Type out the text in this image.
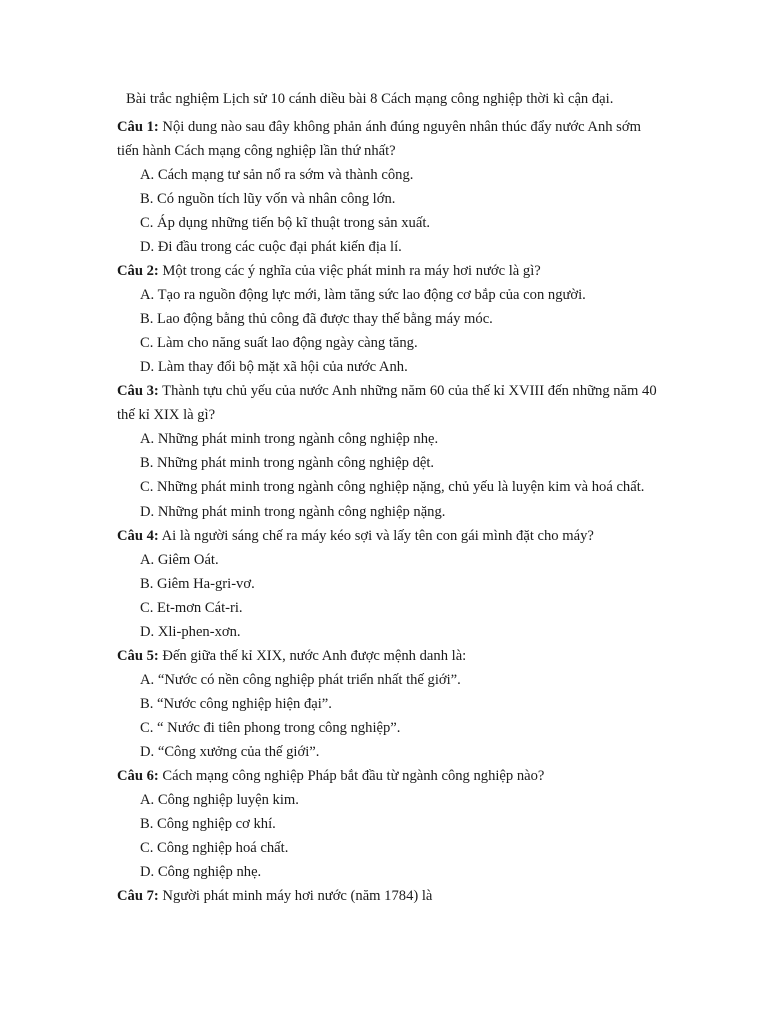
Bài trắc nghiệm Lịch sử 10 cánh diều bài 8 Cách mạng công nghiệp thời kì cận đại.
Câu 1: Nội dung nào sau đây không phản ánh đúng nguyên nhân thúc đẩy nước Anh sớm tiến hành Cách mạng công nghiệp lần thứ nhất?
A. Cách mạng tư sản nổ ra sớm và thành công.
B. Có nguồn tích lũy vốn và nhân công lớn.
C. Áp dụng những tiến bộ kĩ thuật trong sản xuất.
D. Đi đầu trong các cuộc đại phát kiến địa lí.
Câu 2: Một trong các ý nghĩa của việc phát minh ra máy hơi nước là gì?
A. Tạo ra nguồn động lực mới, làm tăng sức lao động cơ bắp của con người.
B. Lao động bằng thủ công đã được thay thế bằng máy móc.
C. Làm cho năng suất lao động ngày càng tăng.
D. Làm thay đổi bộ mặt xã hội của nước Anh.
Câu 3: Thành tựu chủ yếu của nước Anh những năm 60 của thế kỉ XVIII đến những năm 40 thế kỉ XIX là gì?
A. Những phát minh trong ngành công nghiệp nhẹ.
B. Những phát minh trong ngành công nghiệp dệt.
C. Những phát minh trong ngành công nghiệp nặng, chủ yếu là luyện kim và hoá chất.
D. Những phát minh trong ngành công nghiệp nặng.
Câu 4: Ai là người sáng chế ra máy kéo sợi và lấy tên con gái mình đặt cho máy?
A. Giêm Oát.
B. Giêm Ha-gri-vơ.
C. Et-mơn Cát-ri.
D. Xli-phen-xơn.
Câu 5: Đến giữa thế kỉ XIX, nước Anh được mệnh danh là:
A. “Nước có nền công nghiệp phát triển nhất thế giới”.
B. “Nước công nghiệp hiện đại”.
C. “ Nước đi tiên phong trong công nghiệp”.
D. “Công xưởng của thế giới”.
Câu 6: Cách mạng công nghiệp Pháp bắt đầu từ ngành công nghiệp nào?
A. Công nghiệp luyện kim.
B. Công nghiệp cơ khí.
C. Công nghiệp hoá chất.
D. Công nghiệp nhẹ.
Câu 7: Người phát minh máy hơi nước (năm 1784) là
